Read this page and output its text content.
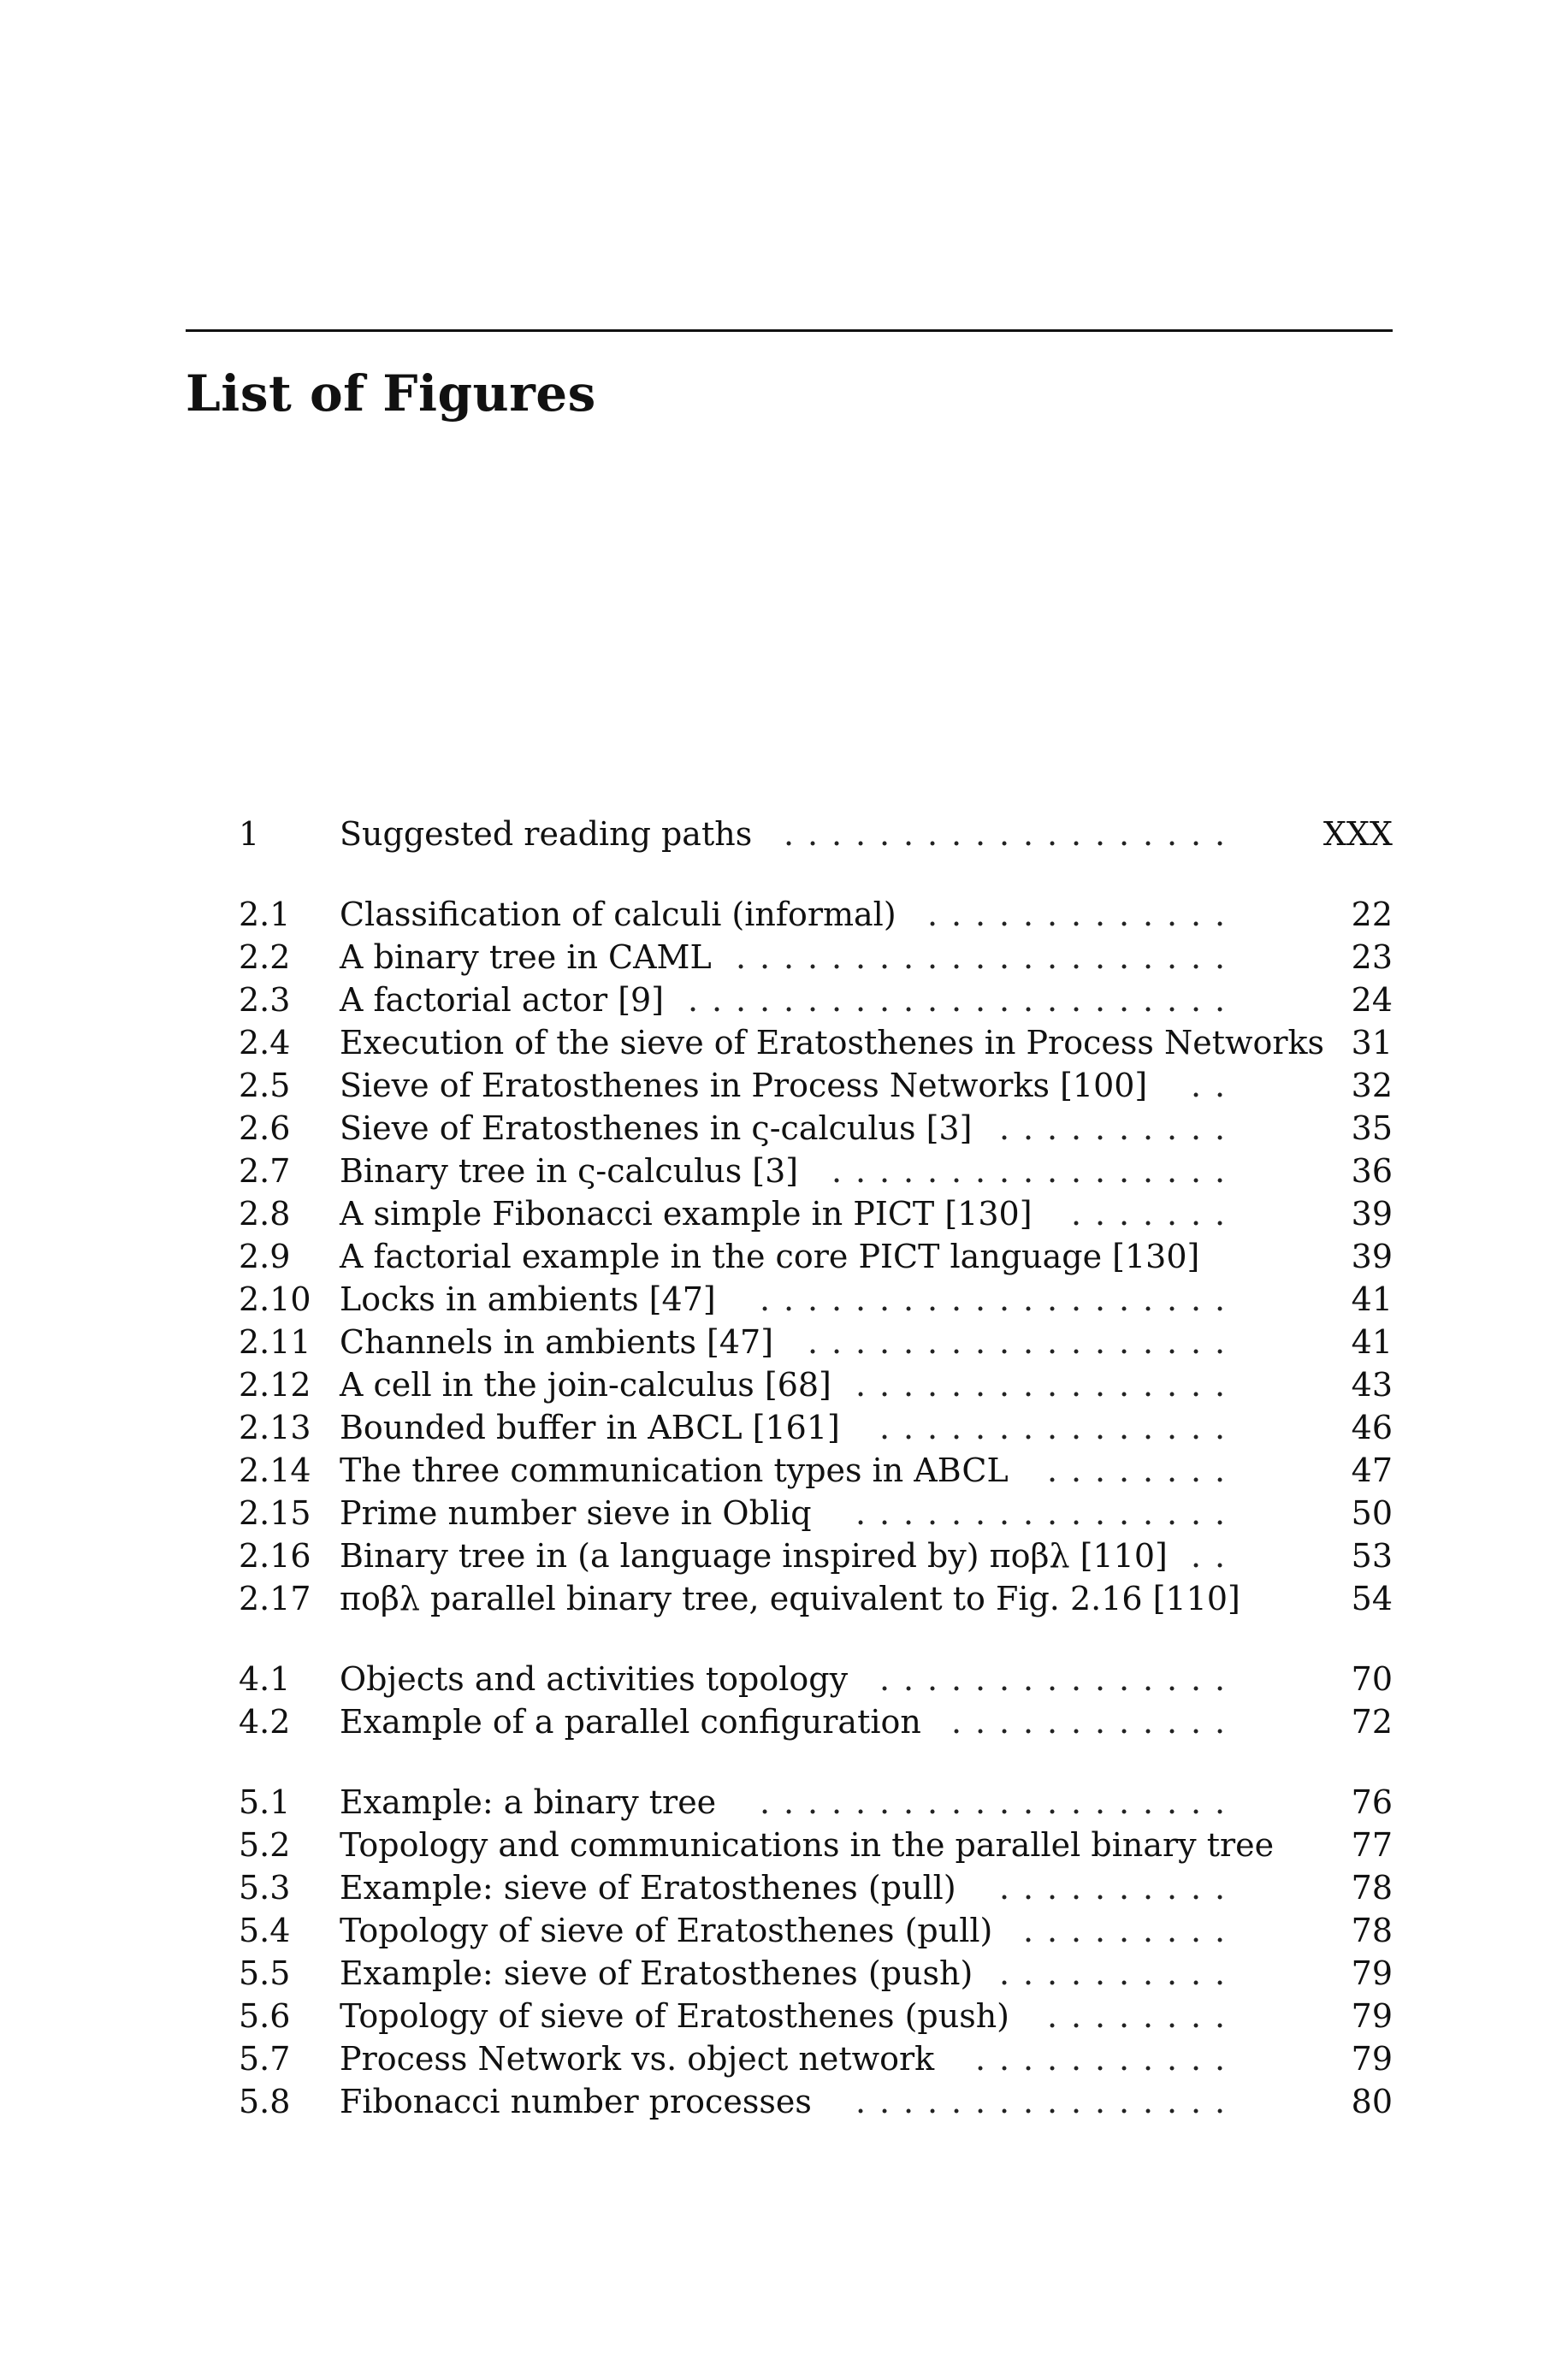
List of Figures
1 Suggested reading paths ...................	XXX
2.1 Classification of calculi (informal) .............	22
2.2 A binary tree in CAML .....................	23
2.3 A factorial actor [9] .......................	24
2.4 Execution of the sieve of Eratosthenes in Process Networks 31
2.5 Sieve of Eratosthenes in Process Networks [100] ..	32
2.6 Sieve of Eratosthenes in ς-calculus [3] ..........	35
2.7 Binary tree in ς-calculus [3] .................	36
2.8 A simple Fibonacci example in PICT [130] .......	39
2.9 A factorial example in the core PICT language [130]	39
2.10 Locks in ambients [47] ....................	41
2.11 Channels in ambients [47] ..................	41
2.12 A cell in the join-calculus [68] ................	43
2.13 Bounded buffer in ABCL [161] ...............	46
2.14 The three communication types in ABCL ........	47
2.15 Prime number sieve in Obliq ................	50
2.16 Binary tree in (a language inspired by) πoβλ [110] ..	53
2.17 πoβλ parallel binary tree, equivalent to Fig. 2.16 [110]	54
4.1 Objects and activities topology ...............	70
4.2 Example of a parallel configuration ............	72
5.1 Example: a binary tree ....................	76
5.2 Topology and communications in the parallel binary tree 77
5.3 Example: sieve of Eratosthenes (pull) ..........	78
5.4 Topology of sieve of Eratosthenes (pull) .........	78
5.5 Example: sieve of Eratosthenes (push) ..........	79
5.6 Topology of sieve of Eratosthenes (push) ........	79
5.7 Process Network vs. object network ...........	79
5.8 Fibonacci number processes ................	80
